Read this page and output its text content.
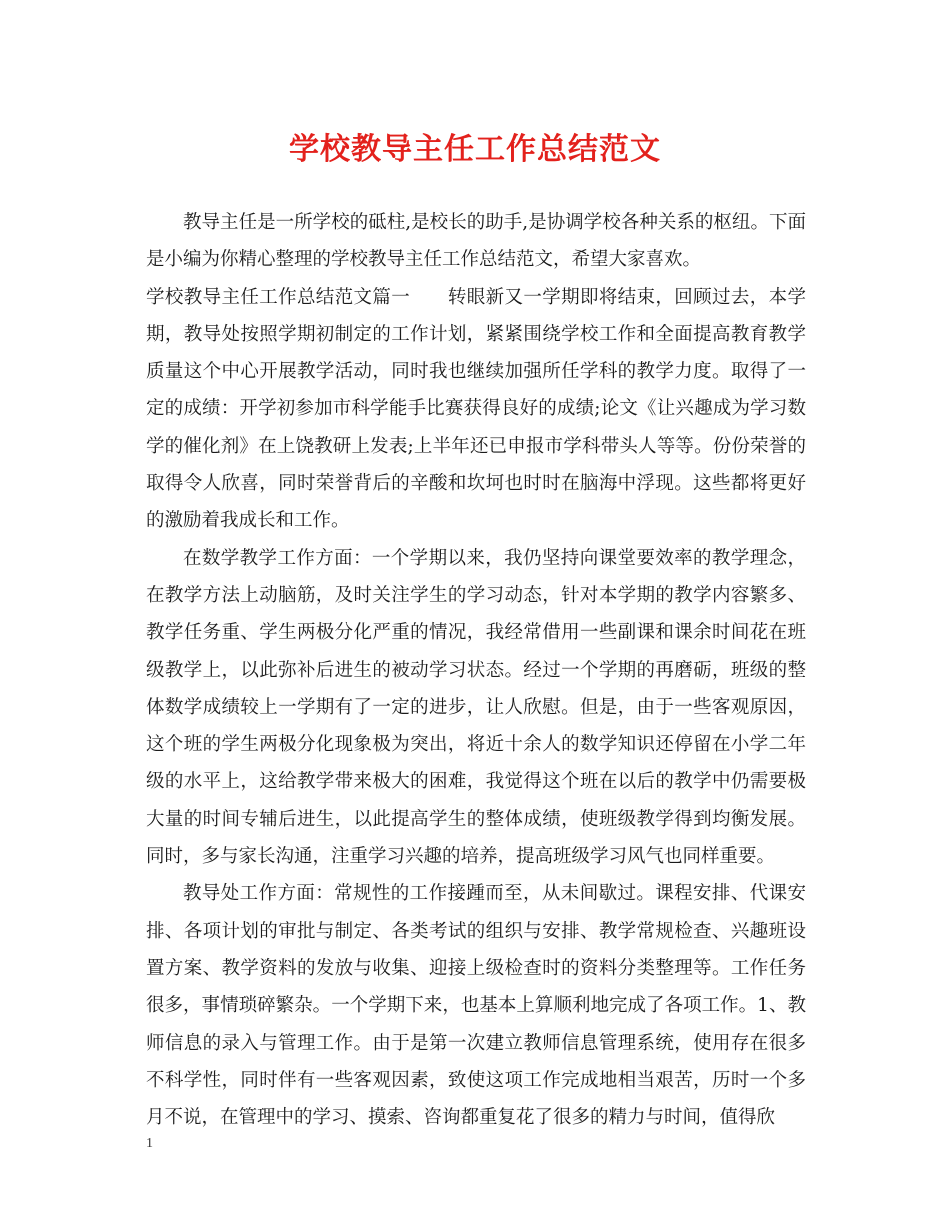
学校教导主任工作总结范文

教导主任是一所学校的砥柱,是校长的助手,是协调学校各种关系的枢纽。下面是小编为你精心整理的学校教导主任工作总结范文，希望大家喜欢。

学校教导主任工作总结范文篇一　　转眼新又一学期即将结束，回顾过去，本学期，教导处按照学期初制定的工作计划，紧紧围绕学校工作和全面提高教育教学质量这个中心开展教学活动，同时我也继续加强所任学科的教学力度。取得了一定的成绩：开学初参加市科学能手比赛获得良好的成绩;论文《让兴趣成为学习数学的催化剂》在上饶教研上发表;上半年还已申报市学科带头人等等。份份荣誉的取得令人欣喜，同时荣誉背后的辛酸和坎坷也时时在脑海中浮现。这些都将更好的激励着我成长和工作。

在数学教学工作方面：一个学期以来，我仍坚持向课堂要效率的教学理念，在教学方法上动脑筋，及时关注学生的学习动态，针对本学期的教学内容繁多、教学任务重、学生两极分化严重的情况，我经常借用一些副课和课余时间花在班级教学上，以此弥补后进生的被动学习状态。经过一个学期的再磨砺，班级的整体数学成绩较上一学期有了一定的进步，让人欣慰。但是，由于一些客观原因，这个班的学生两极分化现象极为突出，将近十余人的数学知识还停留在小学二年级的水平上，这给教学带来极大的困难，我觉得这个班在以后的教学中仍需要极大量的时间专辅后进生，以此提高学生的整体成绩，使班级教学得到均衡发展。同时，多与家长沟通，注重学习兴趣的培养，提高班级学习风气也同样重要。

教导处工作方面：常规性的工作接踵而至，从未间歇过。课程安排、代课安排、各项计划的审批与制定、各类考试的组织与安排、教学常规检查、兴趣班设置方案、教学资料的发放与收集、迎接上级检查时的资料分类整理等。工作任务很多，事情琐碎繁杂。一个学期下来，也基本上算顺利地完成了各项工作。1、教师信息的录入与管理工作。由于是第一次建立教师信息管理系统，使用存在很多不科学性，同时伴有一些客观因素，致使这项工作完成地相当艰苦，历时一个多月不说，在管理中的学习、摸索、咨询都重复花了很多的精力与时间，值得欣

1
